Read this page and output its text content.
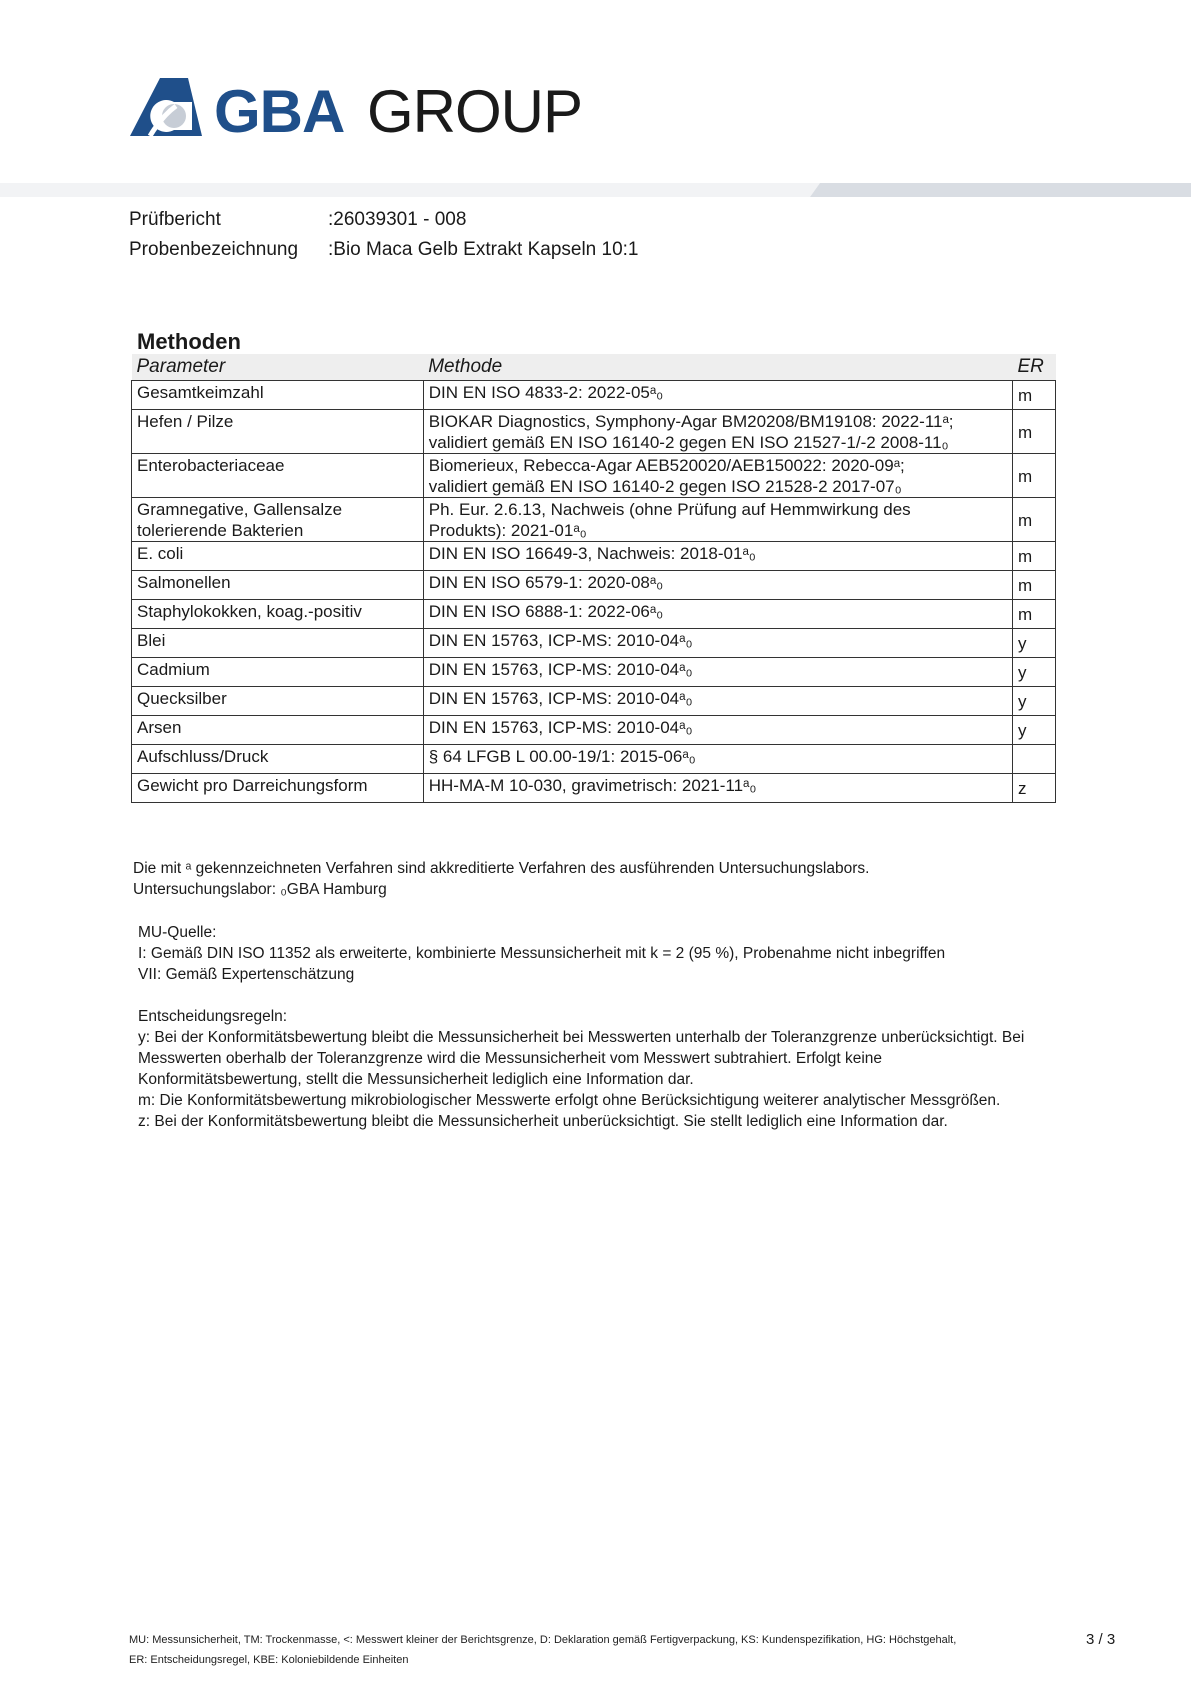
GBA GROUP
Prüfbericht	:26039301 - 008
Probenbezeichnung :Bio Maca Gelb Extrakt Kapseln 10:1
Methoden
Parameter	Methode	ER
Gesamtkeimzahl	DIN EN ISO 4833-2: 2022-05ᵃ₀	m
Hefen / Pilze	BIOKAR Diagnostics, Symphony-Agar BM20208/BM19108: 2022-11ᵃ;
validiert gemäß EN ISO 16140-2 gegen EN ISO 21527-1/-2 2008-11₀	m
Enterobacteriaceae	Biomerieux, Rebecca-Agar AEB520020/AEB150022: 2020-09ᵃ;
validiert gemäß EN ISO 16140-2 gegen ISO 21528-2 2017-07₀	m
Gramnegative, Gallensalze tolerierende Bakterien	Ph. Eur. 2.6.13, Nachweis (ohne Prüfung auf Hemmwirkung des
Produkts): 2021-01ᵃ₀	m
E. coli	DIN EN ISO 16649-3, Nachweis: 2018-01ᵃ₀	m
Salmonellen	DIN EN ISO 6579-1: 2020-08ᵃ₀	m
Staphylokokken, koag.-positiv	DIN EN ISO 6888-1: 2022-06ᵃ₀	m
Blei	DIN EN 15763, ICP-MS: 2010-04ᵃ₀	y
Cadmium	DIN EN 15763, ICP-MS: 2010-04ᵃ₀	y
Quecksilber	DIN EN 15763, ICP-MS: 2010-04ᵃ₀	y
Arsen	DIN EN 15763, ICP-MS: 2010-04ᵃ₀	y
Aufschluss/Druck	§ 64 LFGB L 00.00-19/1: 2015-06ᵃ₀	
Gewicht pro Darreichungsform	HH-MA-M 10-030, gravimetrisch: 2021-11ᵃ₀	z
Die mit ᵃ gekennzeichneten Verfahren sind akkreditierte Verfahren des ausführenden Untersuchungslabors.
Untersuchungslabor: ₀GBA Hamburg
MU-Quelle:
I: Gemäß DIN ISO 11352 als erweiterte, kombinierte Messunsicherheit mit k = 2 (95 %), Probenahme nicht inbegriffen
VII: Gemäß Expertenschätzung
Entscheidungsregeln:
y: Bei der Konformitätsbewertung bleibt die Messunsicherheit bei Messwerten unterhalb der Toleranzgrenze unberücksichtigt. Bei
Messwerten oberhalb der Toleranzgrenze wird die Messunsicherheit vom Messwert subtrahiert. Erfolgt keine
Konformitätsbewertung, stellt die Messunsicherheit lediglich eine Information dar.
m: Die Konformitätsbewertung mikrobiologischer Messwerte erfolgt ohne Berücksichtigung weiterer analytischer Messgrößen.
z: Bei der Konformitätsbewertung bleibt die Messunsicherheit unberücksichtigt. Sie stellt lediglich eine Information dar.
MU: Messunsicherheit, TM: Trockenmasse, <: Messwert kleiner der Berichtsgrenze, D: Deklaration gemäß Fertigverpackung, KS: Kundenspezifikation, HG: Höchstgehalt,
ER: Entscheidungsregel, KBE: Koloniebildende Einheiten
3 / 3
